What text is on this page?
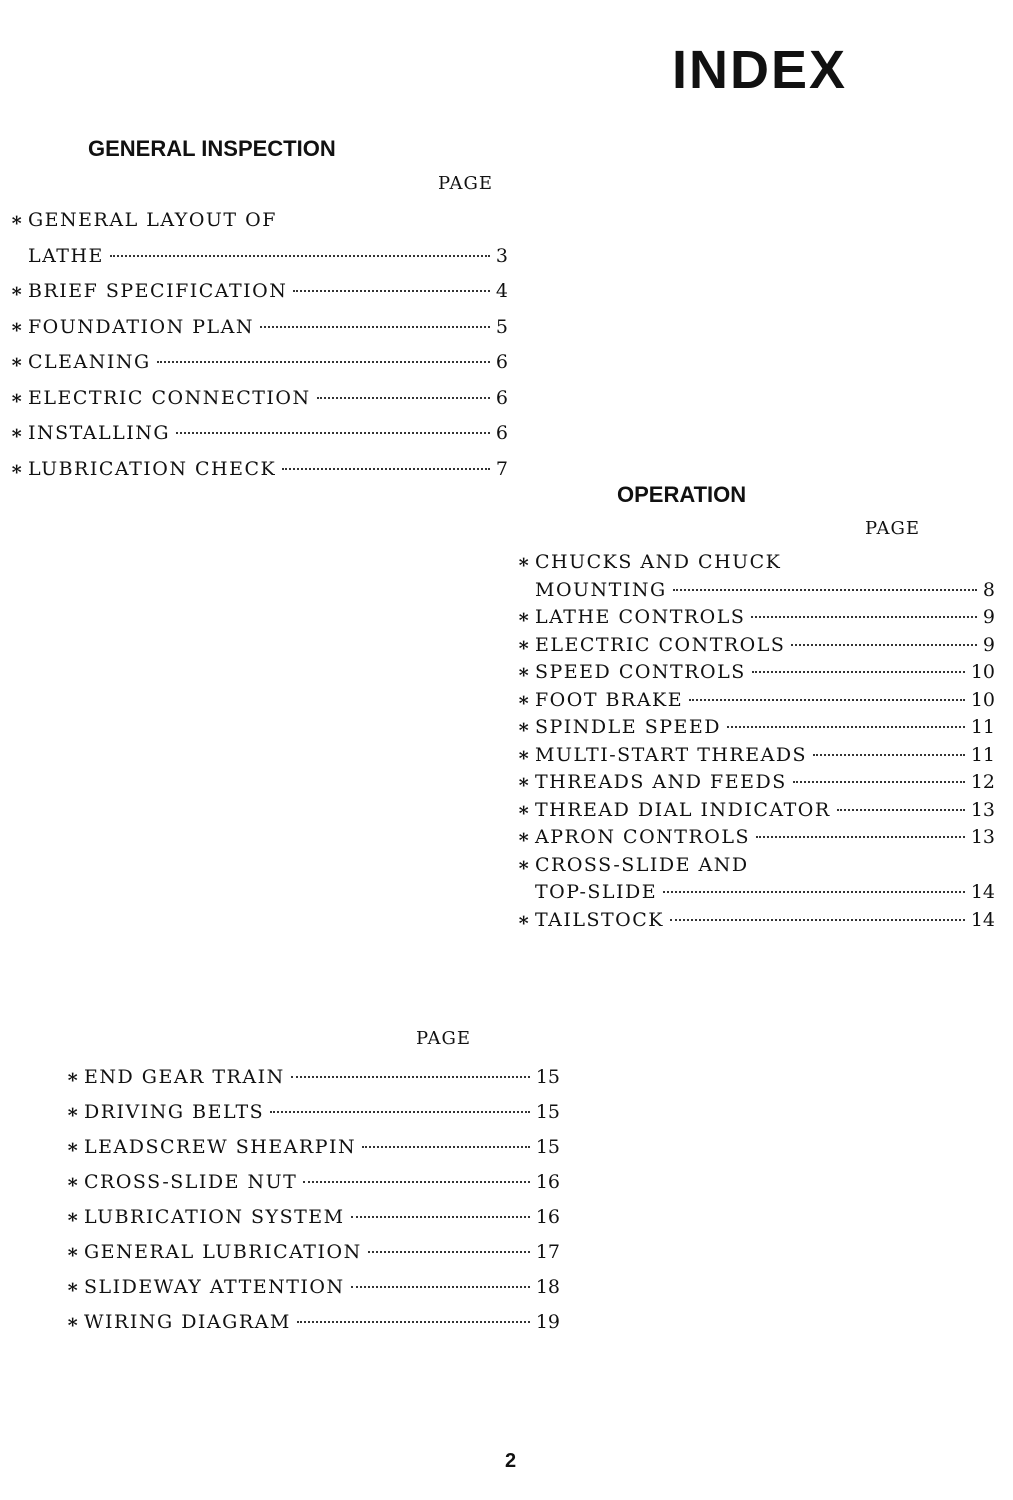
INDEX
GENERAL INSPECTION
PAGE
∗ GENERAL LAYOUT OF
LATHE	3
∗ BRIEF SPECIFICATION	4
∗ FOUNDATION PLAN	5
∗ CLEANING	6
∗ ELECTRIC CONNECTION	6
∗ INSTALLING	6
∗ LUBRICATION CHECK	7
OPERATION
PAGE
∗ CHUCKS AND CHUCK
MOUNTING	8
∗ LATHE CONTROLS	9
∗ ELECTRIC CONTROLS	9
∗ SPEED CONTROLS	10
∗ FOOT BRAKE	10
∗ SPINDLE SPEED	11
∗ MULTI-START THREADS	11
∗ THREADS AND FEEDS	12
∗ THREAD DIAL INDICATOR	13
∗ APRON CONTROLS	13
∗ CROSS-SLIDE AND
TOP-SLIDE	14
∗ TAILSTOCK	14
PAGE
∗ END GEAR TRAIN	15
∗ DRIVING BELTS	15
∗ LEADSCREW SHEARPIN	15
∗ CROSS-SLIDE NUT	16
∗ LUBRICATION SYSTEM	16
∗ GENERAL LUBRICATION	17
∗ SLIDEWAY ATTENTION	18
∗ WIRING DIAGRAM	19
2
